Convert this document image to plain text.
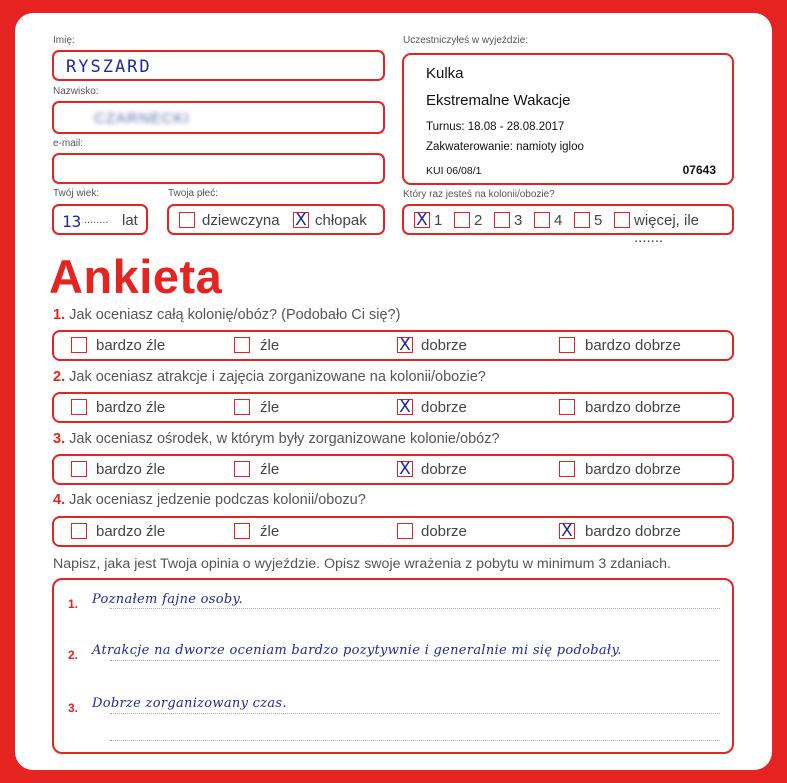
Imię:
RYSZARD
Nazwisko:
CZARNECKI
e-mail:
Twój wiek:
13 ........ lat
Twoja płeć:
dziewczyna X chłopak
Uczestniczyłeś w wyjeździe:
Kulka
Ekstremalne Wakacje
Turnus: 18.08 - 28.08.2017
Zakwaterowanie: namioty igloo
KUI 06/08/1	07643
Który raz jesteś na kolonii/obozie?
X 1 2 3 4 5 więcej, ile .......
Ankieta
1. Jak oceniasz całą kolonię/obóz? (Podobało Ci się?)
bardzo źle	źle	X dobrze	bardzo dobrze
2. Jak oceniasz atrakcje i zajęcia zorganizowane na kolonii/obozie?
bardzo źle	źle	X dobrze	bardzo dobrze
3. Jak oceniasz ośrodek, w którym były zorganizowane kolonie/obóz?
bardzo źle	źle	X dobrze	bardzo dobrze
4. Jak oceniasz jedzenie podczas kolonii/obozu?
bardzo źle	źle	dobrze	X bardzo dobrze
Napisz, jaka jest Twoja opinia o wyjeździe. Opisz swoje wrażenia z pobytu w minimum 3 zdaniach.
1. Poznałem fajne osoby.
2. Atrakcje na dworze oceniam bardzo pozytywnie i generalnie mi się podobały.
3. Dobrze zorganizowany czas.
